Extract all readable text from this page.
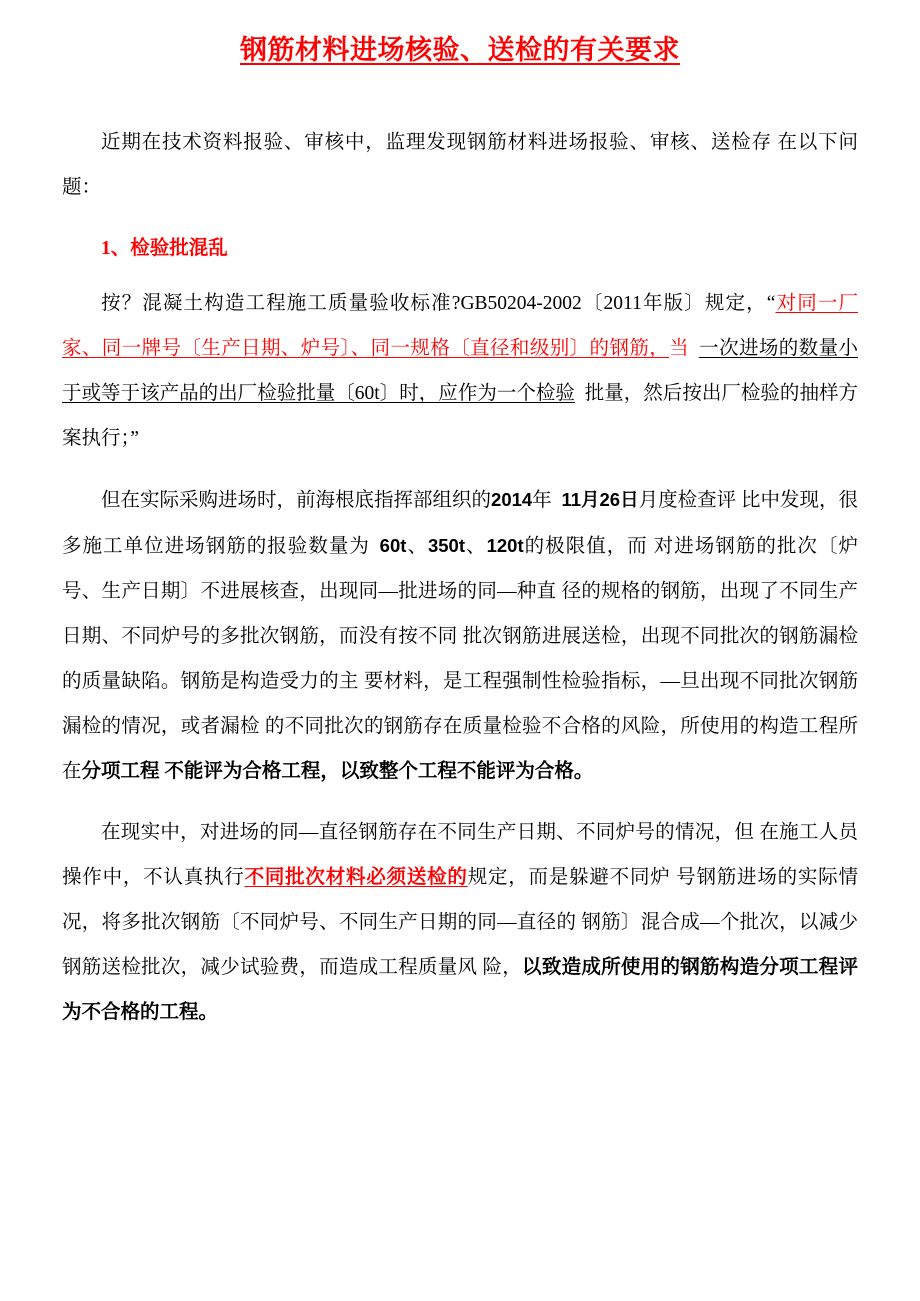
钢筋材料进场核验、送检的有关要求

近期在技术资料报验、审核中，监理发现钢筋材料进场报验、审核、送检存 在以下问题：

1、检验批混乱

按？混凝土构造工程施工质量验收标准?GB50204-2002〔2011年版〕规定，“对同一厂家、同一牌号〔生产日期、炉号〕、同一规格〔直径和级别〕的钢筋，当 一次进场的数量小于或等于该产品的出厂检验批量〔60t〕时，应作为一个检验 批量，然后按出厂检验的抽样方案执行；”

但在实际采购进场时，前海根底指挥部组织的2014年 11月26日月度检查评 比中发现，很多施工单位进场钢筋的报验数量为 60t、350t、120t的极限值，而 对进场钢筋的批次〔炉号、生产日期〕不进展核查，出现同—批进场的同—种直 径的规格的钢筋，出现了不同生产日期、不同炉号的多批次钢筋，而没有按不同 批次钢筋进展送检，出现不同批次的钢筋漏检的质量缺陷。钢筋是构造受力的主 要材料，是工程强制性检验指标，—旦出现不同批次钢筋漏检的情况，或者漏检 的不同批次的钢筋存在质量检验不合格的风险，所使用的构造工程所在分项工程 不能评为合格工程，以致整个工程不能评为合格。

在现实中，对进场的同—直径钢筋存在不同生产日期、不同炉号的情况，但 在施工人员操作中，不认真执行不同批次材料必须送检的规定，而是躲避不同炉 号钢筋进场的实际情况，将多批次钢筋〔不同炉号、不同生产日期的同—直径的 钢筋〕混合成—个批次，以减少钢筋送检批次，减少试验费，而造成工程质量风 险，以致造成所使用的钢筋构造分项工程评为不合格的工程。
